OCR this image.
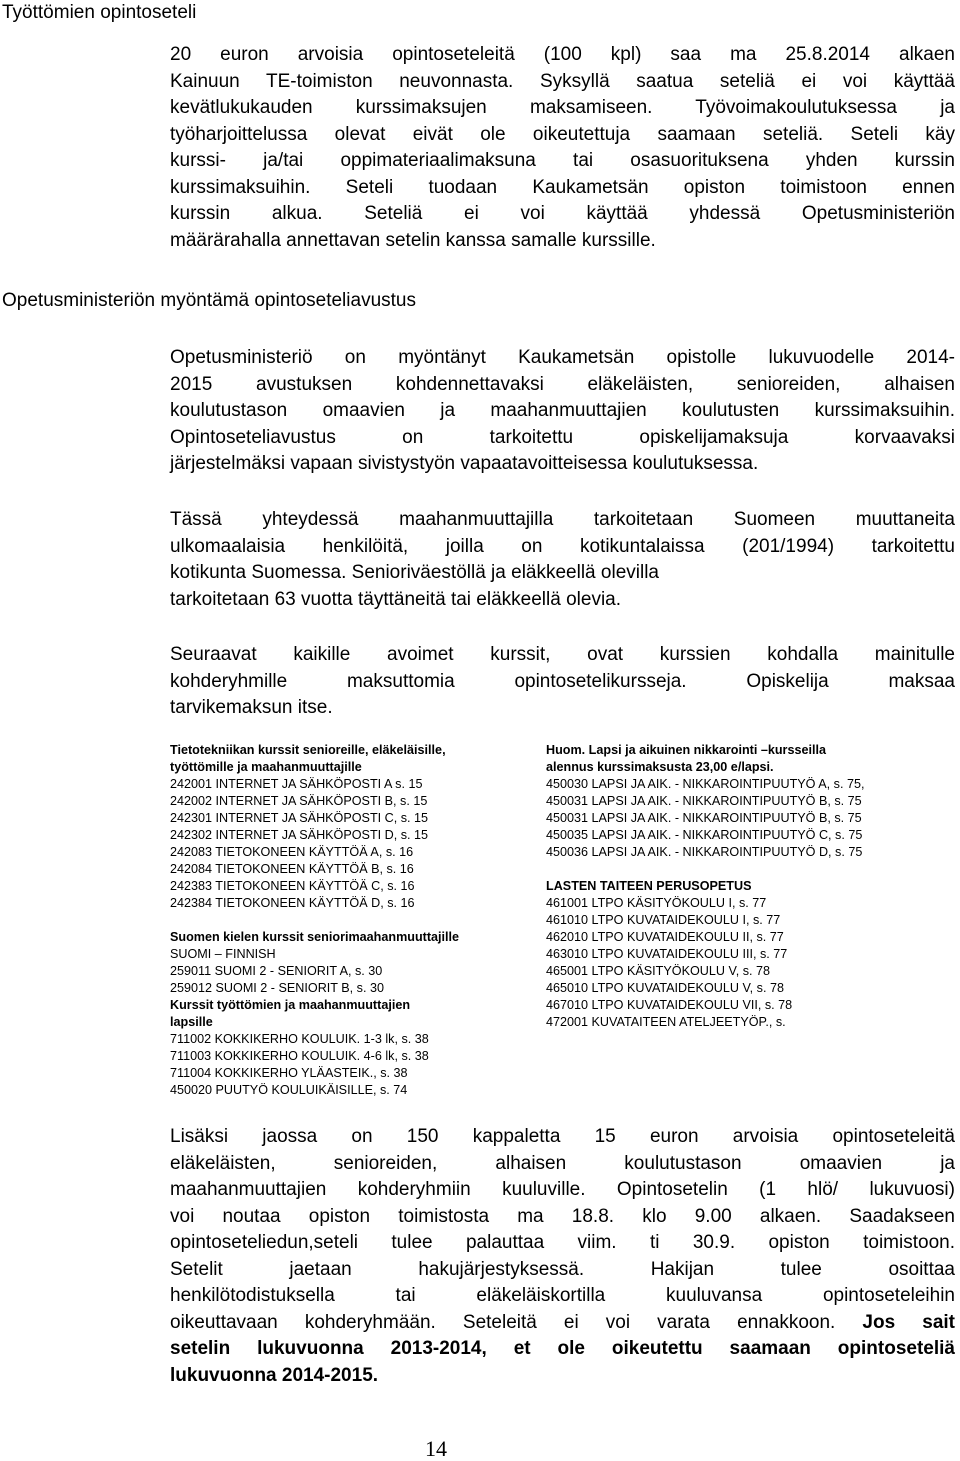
Työttömien opintoseteli
20 euron arvoisia opintoseteleitä (100 kpl) saa ma 25.8.2014 alkaen
Kainuun TE-toimiston neuvonnasta. Syksyllä saatua seteliä ei voi käyttää
kevätlukukauden kurssimaksujen maksamiseen. Työvoimakoulutuksessa ja
työharjoittelussa olevat eivät ole oikeutettuja saamaan seteliä. Seteli käy
kurssi- ja/tai oppimateriaalimaksuna tai osasuorituksena yhden kurssin
kurssimaksuihin. Seteli tuodaan Kaukametsän opiston toimistoon ennen
kurssin alkua. Seteliä ei voi käyttää yhdessä Opetusministeriön
määrärahalla annettavan setelin kanssa samalle kurssille.
Opetusministeriön myöntämä opintoseteliavustus
Opetusministeriö on myöntänyt Kaukametsän opistolle lukuvuodelle 2014-
2015 avustuksen kohdennettavaksi eläkeläisten, senioreiden, alhaisen
koulutustason omaavien ja maahanmuuttajien koulutusten kurssimaksuihin.
Opintoseteliavustus on tarkoitettu opiskelijamaksuja korvaavaksi
järjestelmäksi vapaan sivistystyön vapaatavoitteisessa koulutuksessa.
Tässä yhteydessä maahanmuuttajilla tarkoitetaan Suomeen muuttaneita
ulkomaalaisia henkilöitä, joilla on kotikuntalaissa (201/1994) tarkoitettu
kotikunta Suomessa. Senioriväestöllä ja eläkkeellä olevilla
tarkoitetaan 63 vuotta täyttäneitä tai eläkkeellä olevia.
Seuraavat kaikille avoimet kurssit, ovat kurssien kohdalla mainitulle
kohderyhmille maksuttomia opintosetelikursseja. Opiskelija maksaa
tarvikemaksun itse.
Tietotekniikan kurssit senioreille, eläkeläisille,
työttömille ja maahanmuuttajille
242001 INTERNET JA SÄHKÖPOSTI A s. 15
242002 INTERNET JA SÄHKÖPOSTI B, s. 15
242301 INTERNET JA SÄHKÖPOSTI C, s. 15
242302 INTERNET JA SÄHKÖPOSTI D, s. 15
242083 TIETOKONEEN KÄYTTÖÄ A, s. 16
242084 TIETOKONEEN KÄYTTÖÄ B, s. 16
242383 TIETOKONEEN KÄYTTÖÄ C, s. 16
242384 TIETOKONEEN KÄYTTÖÄ D, s. 16
Suomen kielen kurssit seniorimaahanmuuttajille
SUOMI – FINNISH
259011 SUOMI 2 - SENIORIT A, s. 30
259012 SUOMI 2 - SENIORIT B, s. 30
Kurssit työttömien ja maahanmuuttajien
lapsille
711002 KOKKIKERHO KOULUIK. 1-3 lk, s. 38
711003 KOKKIKERHO KOULUIK. 4-6 lk, s. 38
711004 KOKKIKERHO YLÄASTEIK., s. 38
450020 PUUTYÖ KOULUIKÄISILLE, s. 74
Huom. Lapsi ja aikuinen nikkarointi –kursseilla
alennus kurssimaksusta 23,00 e/lapsi.
450030 LAPSI JA AIK. - NIKKAROINTIPUUTYÖ A, s. 75,
450031 LAPSI JA AIK. - NIKKAROINTIPUUTYÖ B, s. 75
450031 LAPSI JA AIK. - NIKKAROINTIPUUTYÖ B, s. 75
450035 LAPSI JA AIK. - NIKKAROINTIPUUTYÖ C, s. 75
450036 LAPSI JA AIK. - NIKKAROINTIPUUTYÖ D, s. 75
LASTEN TAITEEN PERUSOPETUS
461001 LTPO KÄSITYÖKOULU I, s. 77
461010 LTPO KUVATAIDEKOULU I, s. 77
462010 LTPO KUVATAIDEKOULU II, s. 77
463010 LTPO KUVATAIDEKOULU III, s. 77
465001 LTPO KÄSITYÖKOULU V, s. 78
465010 LTPO KUVATAIDEKOULU V, s. 78
467010 LTPO KUVATAIDEKOULU VII, s. 78
472001 KUVATAITEEN ATELJEETYÖP., s.
Lisäksi jaossa on 150 kappaletta 15 euron arvoisia opintoseteleitä
eläkeläisten, senioreiden, alhaisen koulutustason omaavien ja
maahanmuuttajien kohderyhmiin kuuluville. Opintosetelin (1 hlö/ lukuvuosi)
voi noutaa opiston toimistosta ma 18.8. klo 9.00 alkaen. Saadakseen
opintoseteliedun,seteli tulee palauttaa viim. ti 30.9. opiston toimistoon.
Setelit jaetaan hakujärjestyksessä. Hakijan tulee osoittaa
henkilötodistuksella tai eläkeläiskortilla kuuluvansa opintoseteleihin
oikeuttavaan kohderyhmään. Seteleitä ei voi varata ennakkoon. Jos sait
setelin lukuvuonna 2013-2014, et ole oikeutettu saamaan opintoseteliä
lukuvuonna 2014-2015.
14
